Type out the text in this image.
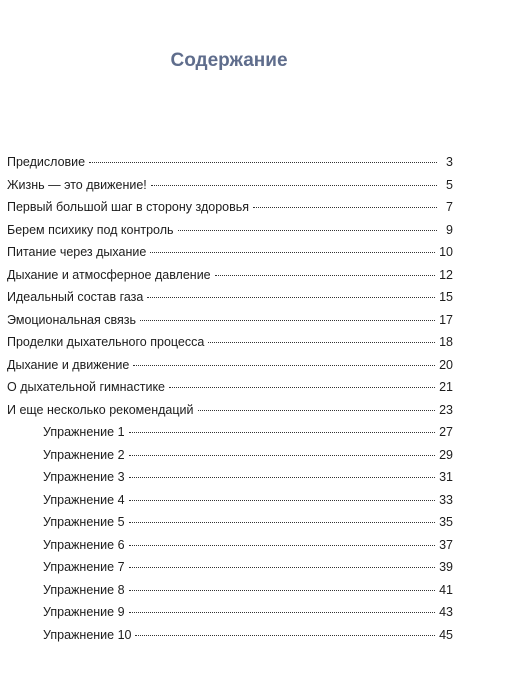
Содержание
Предисловие	3
Жизнь — это движение!	5
Первый большой шаг в сторону здоровья	7
Берем психику под контроль	9
Питание через дыхание	10
Дыхание и атмосферное давление	12
Идеальный состав газа	15
Эмоциональная связь	17
Проделки дыхательного процесса	18
Дыхание и движение	20
О дыхательной гимнастике	21
И еще несколько рекомендаций	23
Упражнение 1	27
Упражнение 2	29
Упражнение 3	31
Упражнение 4	33
Упражнение 5	35
Упражнение 6	37
Упражнение 7	39
Упражнение 8	41
Упражнение 9	43
Упражнение 10	45
